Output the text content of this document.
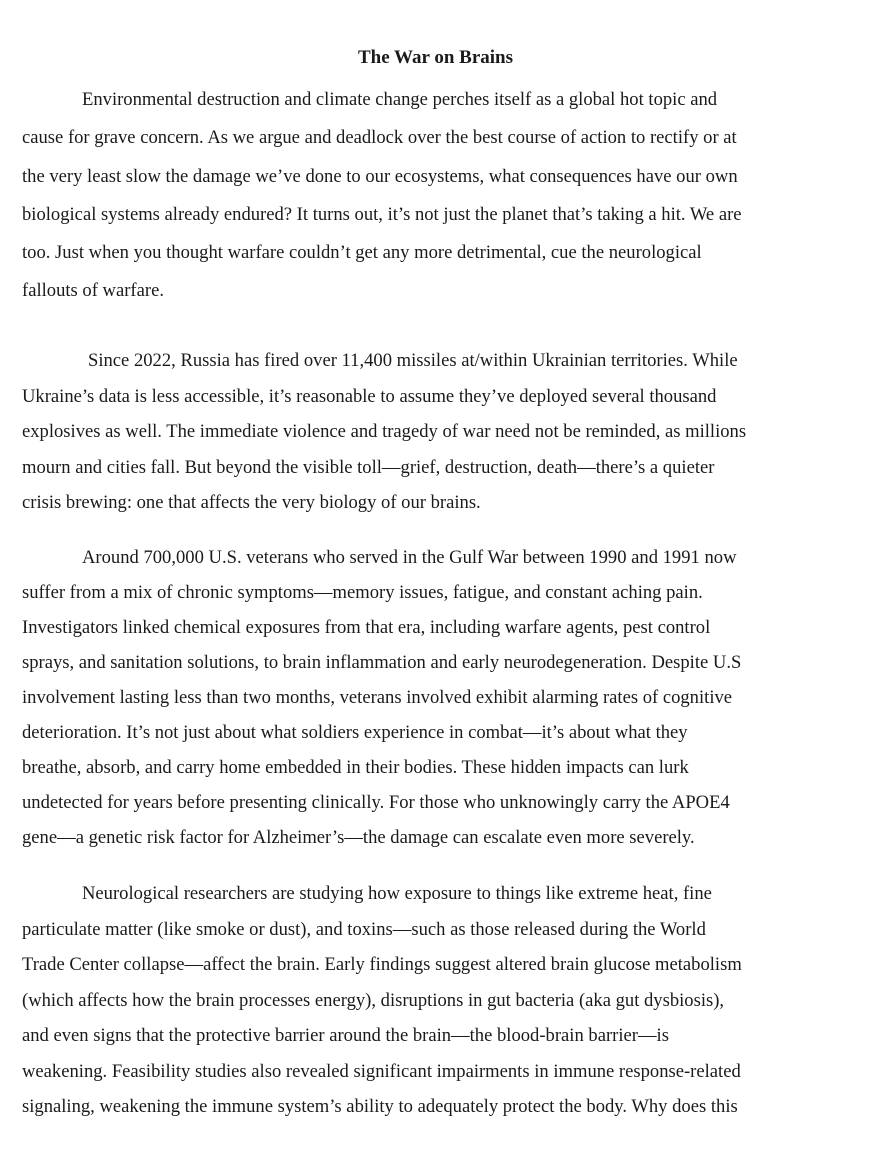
The War on Brains
Environmental destruction and climate change perches itself as a global hot topic and
cause for grave concern. As we argue and deadlock over the best course of action to rectify or at
the very least slow the damage we’ve done to our ecosystems, what consequences have our own
biological systems already endured? It turns out, it’s not just the planet that’s taking a hit. We are
too. Just when you thought warfare couldn’t get any more detrimental, cue the neurological
fallouts of warfare.
Since 2022, Russia has fired over 11,400 missiles at/within Ukrainian territories. While
Ukraine’s data is less accessible, it’s reasonable to assume they’ve deployed several thousand
explosives as well. The immediate violence and tragedy of war need not be reminded, as millions
mourn and cities fall. But beyond the visible toll—grief, destruction, death—there’s a quieter
crisis brewing: one that affects the very biology of our brains.
Around 700,000 U.S. veterans who served in the Gulf War between 1990 and 1991 now
suffer from a mix of chronic symptoms—memory issues, fatigue, and constant aching pain.
Investigators linked chemical exposures from that era, including warfare agents, pest control
sprays, and sanitation solutions, to brain inflammation and early neurodegeneration. Despite U.S
involvement lasting less than two months, veterans involved exhibit alarming rates of cognitive
deterioration. It’s not just about what soldiers experience in combat—it’s about what they
breathe, absorb, and carry home embedded in their bodies. These hidden impacts can lurk
undetected for years before presenting clinically. For those who unknowingly carry the APOE4
gene—a genetic risk factor for Alzheimer’s—the damage can escalate even more severely.
Neurological researchers are studying how exposure to things like extreme heat, fine
particulate matter (like smoke or dust), and toxins—such as those released during the World
Trade Center collapse—affect the brain. Early findings suggest altered brain glucose metabolism
(which affects how the brain processes energy), disruptions in gut bacteria (aka gut dysbiosis),
and even signs that the protective barrier around the brain—the blood-brain barrier—is
weakening. Feasibility studies also revealed significant impairments in immune response-related
signaling, weakening the immune system’s ability to adequately protect the body. Why does this
